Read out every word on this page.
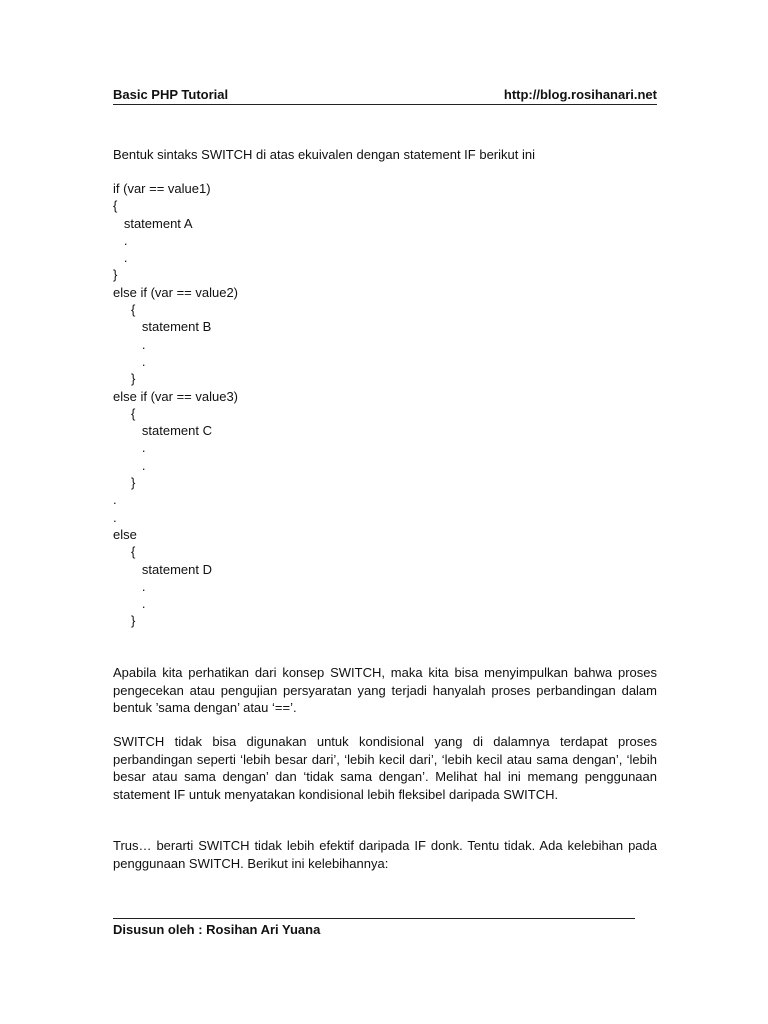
Basic PHP Tutorial	http://blog.rosihanari.net

Bentuk sintaks SWITCH di atas ekuivalen dengan statement IF berikut ini

if (var == value1)
{
statement A
.
.
}
else if (var == value2)
{
statement B
.
.
}
else if (var == value3)
{
statement C
.
.
}
.
.
else
{
statement D
.
.
}

Apabila kita perhatikan dari konsep SWITCH, maka kita bisa menyimpulkan bahwa proses pengecekan atau pengujian persyaratan yang terjadi hanyalah proses perbandingan dalam bentuk ’sama dengan’ atau ‘==’.

SWITCH tidak bisa digunakan untuk kondisional yang di dalamnya terdapat proses perbandingan seperti ‘lebih besar dari’, ‘lebih kecil dari’, ‘lebih kecil atau sama dengan’, ‘lebih besar atau sama dengan’ dan ‘tidak sama dengan’. Melihat hal ini memang penggunaan statement IF untuk menyatakan kondisional lebih fleksibel daripada SWITCH.

Trus… berarti SWITCH tidak lebih efektif daripada IF donk. Tentu tidak. Ada kelebihan pada penggunaan SWITCH. Berikut ini kelebihannya:

Disusun oleh : Rosihan Ari Yuana
